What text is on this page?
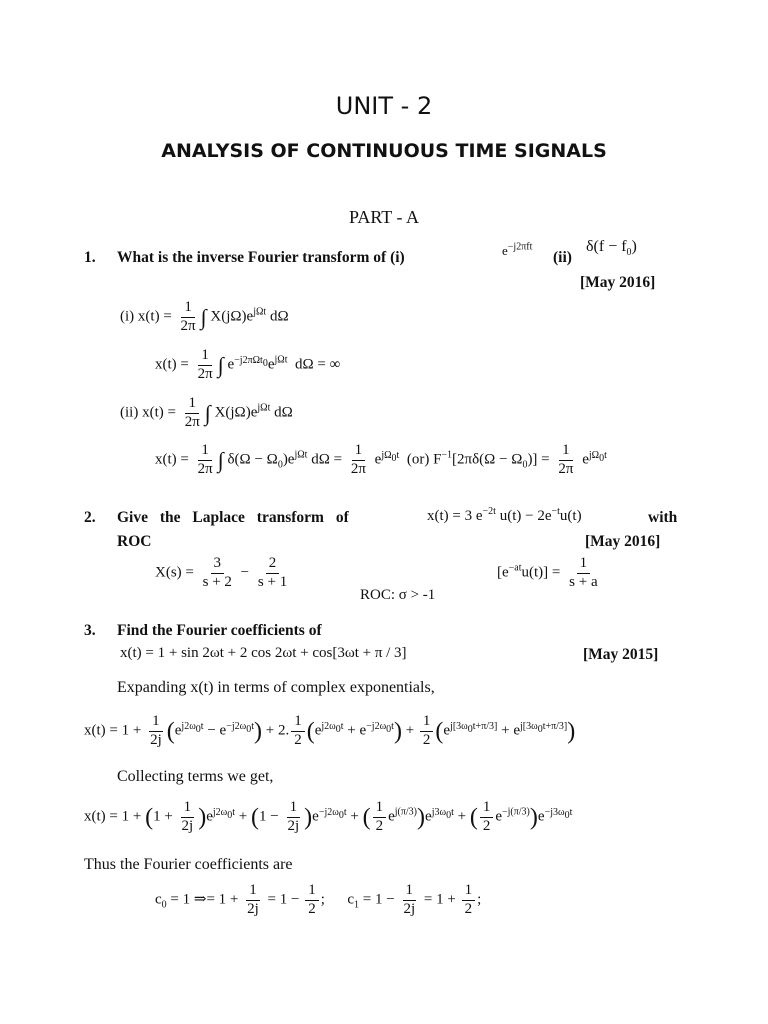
UNIT - 2
ANALYSIS OF CONTINUOUS TIME SIGNALS
PART - A
1. What is the inverse Fourier transform of (i)	$e^{-j2\pi ft}$
(ii)
$\delta(f - f_0)$
[May 2016]
(i) $x(t) = \frac{1}{2\pi}$ ∫ $X(j\Omega)e^{j\Omega t}$ dΩ
$x(t) = \frac{1}{2\pi}$ ∫ $e^{-j2\pi\Omega t_0}e^{j\Omega t}$  dΩ = ∞
(ii) $x(t) = \frac{1}{2\pi}$ ∫ $X(j\Omega)e^{j\Omega t}$ dΩ
$x(t) = \frac{1}{2\pi}$ ∫ $\delta(\Omega - \Omega_0)e^{j\Omega t}$ $d\Omega = \frac{1}{2\pi} e^{j\Omega_0t}$  (or) $F^{-1}[2\pi\delta(\Omega - \Omega_0)] = \frac{1}{2\pi} e^{j\Omega_0t}$
2. Give the Laplace transform of	x(t) = 3 $e^{-2t}$ $u(t) - 2e^{-t}u(t)$	with
ROC	[May 2016]
$X(s) = \frac{3}{s + 2} - \frac{2}{s + 1}$	$[e^{-at}u(t)] = \frac{1}{s + a}$
ROC: σ > -1
3. Find the Fourier coefficients of
x(t) = 1 + sin 2ωt + 2 cos 2ωt + cos[3ωt + π / 3]	[May 2015]
Expanding x(t) in terms of complex exponentials,
$x(t) = 1 + \frac{1}{2j} (e^{j2\omega_0t} - e^{-j2\omega_0t}) + 2$. $\frac{1}{2} (e^{j2\omega_0t} + e^{-j2\omega_0t}) + \frac{1}{2} (e^{j[3\omega_0t+\pi/3]} + e^{j[3\omega_0t+\pi/3]})$
Collecting terms we get,
$x(t) = 1 + (1 + \frac{1}{2j} )e^{j2\omega_0t} + (1 - \frac{1}{2j} )e^{-j2\omega_0t}$ + ( $\frac{1}{2} e^{j(\pi/3)})e^{j3\omega_0t}$ + ( $\frac{1}{2} e^{-j(\pi/3)})e^{-j3\omega_0t}$
Thus the Fourier coefficients are
$c_0 = 1$ ⇒= $1 + \frac{1}{2j} = 1 - \frac{1}{2}$ ;      $c_1 = 1 - \frac{1}{2j} = 1 + \frac{1}{2}$ ;
